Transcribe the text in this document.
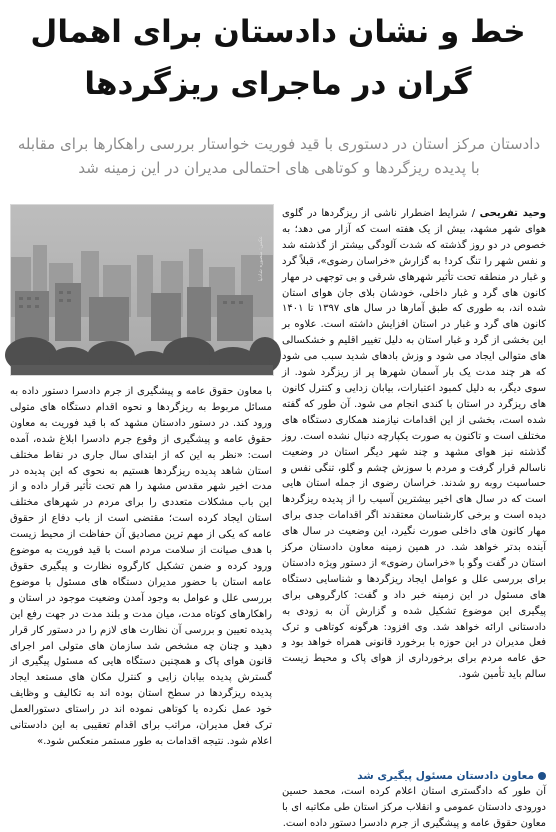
خط و نشان دادستان برای اهمال گران در ماجرای ریزگردها
دادستان مرکز استان در دستوری با قید فوریت خواستار بررسی راهکارها برای مقابله با پدیده ریزگردها و کوتاهی های احتمالی مدیران در این زمینه شد
عکس: منصوره شادنیا
وحید تفریحی / شرایط اضطرار ناشی از ریزگردها در گلوی هوای شهر مشهد، بیش از یک هفته است که آزار می دهد؛ به خصوص در دو روز گذشته که شدت آلودگی بیشتر از گذشته شد و نفس شهر را تنگ کرد! به گزارش «خراسان رضوی»، قبلاً گرد و غبار در منطقه تحت تأثیر شهرهای شرقی و بی توجهی در مهار کانون های گرد و غبار داخلی، خودشان بلای جان هوای استان شده اند، به طوری که طبق آمارها در سال های ۱۳۹۷ تا ۱۴۰۱ کانون های گرد و غبار در استان افزایش داشته است. علاوه بر این بخشی از گرد و غبار استان به دلیل تغییر اقلیم و خشکسالی های متوالی ایجاد می شود و وزش بادهای شدید سبب می شود که هر چند مدت یک بار آسمان شهرها پر از ریزگرد شود. از سوی دیگر، به دلیل کمبود اعتبارات، بیابان زدایی و کنترل کانون های ریزگرد در استان با کندی انجام می شود. آن طور که گفته شده است، بخشی از این اقدامات نیازمند همکاری دستگاه های مختلف است و تاکنون به صورت یکپارچه دنبال نشده است. روز گذشته نیز هوای مشهد و چند شهر دیگر استان در وضعیت ناسالم قرار گرفت و مردم با سوزش چشم و گلو، تنگی نفس و حساسیت روبه رو شدند. خراسان رضوی از جمله استان هایی است که در سال های اخیر بیشترین آسیب را از پدیده ریزگردها دیده است و برخی کارشناسان معتقدند اگر اقدامات جدی برای مهار کانون های داخلی صورت نگیرد، این وضعیت در سال های آینده بدتر خواهد شد. در همین زمینه معاون دادستان مرکز استان در گفت وگو با «خراسان رضوی» از دستور ویژه دادستان برای بررسی علل و عوامل ایجاد ریزگردها و شناسایی دستگاه های مسئول در این زمینه خبر داد و گفت: کارگروهی برای پیگیری این موضوع تشکیل شده و گزارش آن به زودی به دادستانی ارائه خواهد شد. وی افزود: هرگونه کوتاهی و ترک فعل مدیران در این حوزه با برخورد قانونی همراه خواهد بود و حق عامه مردم برای برخورداری از هوای پاک و محیط زیست سالم باید تأمین شود.
با معاون حقوق عامه و پیشگیری از جرم دادسرا دستور داده به مسائل مربوط به ریزگردها و نحوه اقدام دستگاه های متولی ورود کند. در دستور دادستان مشهد که با قید فوریت به معاون حقوق عامه و پیشگیری از وقوع جرم دادسرا ابلاغ شده، آمده است: «نظر به این که از ابتدای سال جاری در نقاط مختلف استان شاهد پدیده ریزگردها هستیم به نحوی که این پدیده در مدت اخیر شهر مقدس مشهد را هم تحت تأثیر قرار داده و از این باب مشکلات متعددی را برای مردم در شهرهای مختلف استان ایجاد کرده است؛ مقتضی است از باب دفاع از حقوق عامه که یکی از مهم ترین مصادیق آن حفاظت از محیط زیست با هدف صیانت از سلامت مردم است با قید فوریت به موضوع ورود کرده و ضمن تشکیل کارگروه نظارت و پیگیری حقوق عامه استان با حضور مدیران دستگاه های مسئول با موضوع بررسی علل و عوامل به وجود آمدن وضعیت موجود در استان و راهکارهای کوتاه مدت، میان مدت و بلند مدت در جهت رفع این پدیده تعیین و بررسی آن نظارت های لازم را در دستور کار قرار دهید و چنان چه مشخص شد سازمان های متولی امر اجرای قانون هوای پاک و همچنین دستگاه هایی که مسئول پیگیری از گسترش پدیده بیابان زایی و کنترل مکان های مستعد ایجاد پدیده ریزگردها در سطح استان بوده اند به تکالیف و وظایف خود عمل نکرده یا کوتاهی نموده اند در راستای دستورالعمل ترک فعل مدیران، مراتب برای اقدام تعقیبی به این دادستانی اعلام شود. نتیجه اقدامات به طور مستمر منعکس شود.»
معاون دادستان مسئول پیگیری شد
آن طور که دادگستری استان اعلام کرده است، محمد حسین دورودی دادستان عمومی و انقلاب مرکز استان طی مکاتبه ای با معاون حقوق عامه و پیشگیری از جرم دادسرا دستور داده است.
